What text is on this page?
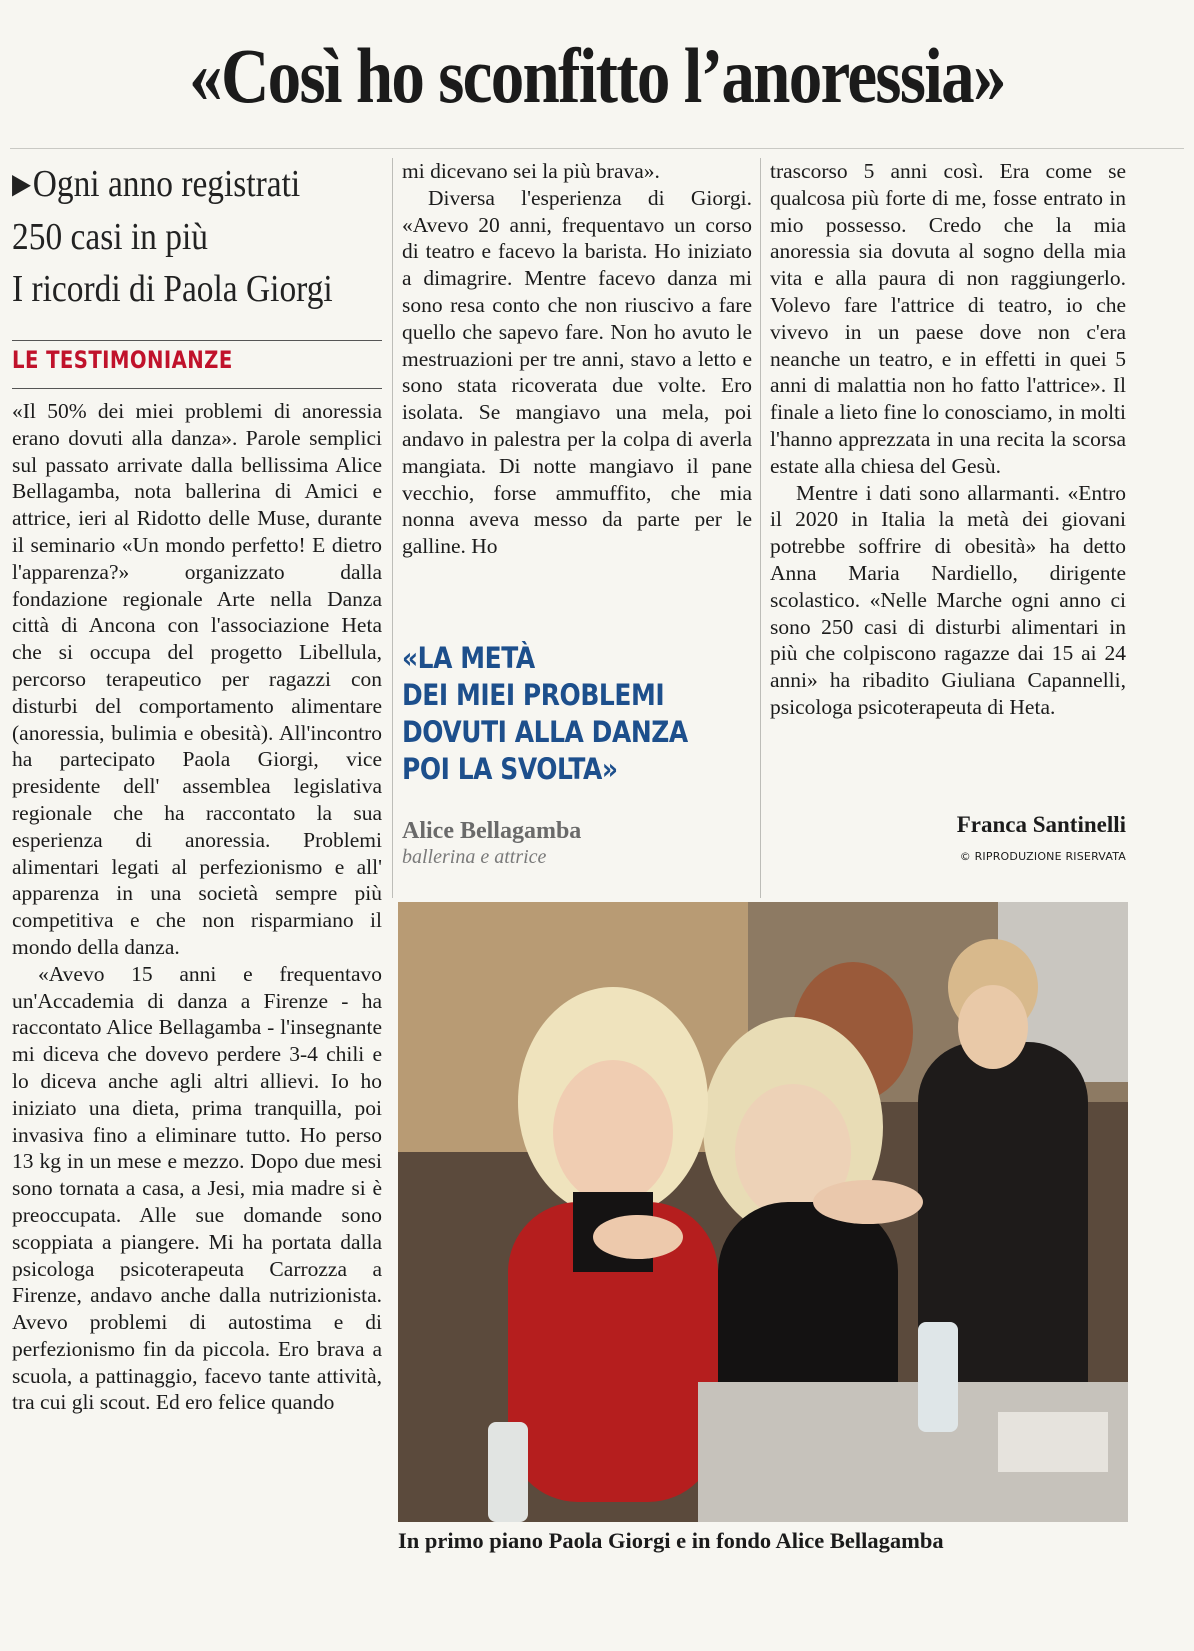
«Così ho sconfitto l’anoressia»
▶Ogni anno registrati
250 casi in più
I ricordi di Paola Giorgi
LE TESTIMONIANZE

«Il 50% dei miei problemi di anoressia erano dovuti alla danza». Parole semplici sul passato arrivate dalla bellissima Alice Bellagamba, nota ballerina di Amici e attrice, ieri al Ridotto delle Muse, durante il seminario «Un mondo perfetto! E dietro l'apparenza?» organizzato dalla fondazione regionale Arte nella Danza città di Ancona con l'associazione Heta che si occupa del progetto Libellula, percorso terapeutico per ragazzi con disturbi del comportamento alimentare (anoressia, bulimia e obesità). All'incontro ha partecipato Paola Giorgi, vice presidente dell' assemblea legislativa regionale che ha raccontato la sua esperienza di anoressia. Problemi alimentari legati al perfezionismo e all' apparenza in una società sempre più competitiva e che non risparmiano il mondo della danza.

«Avevo 15 anni e frequentavo un'Accademia di danza a Firenze - ha raccontato Alice Bellagamba - l'insegnante mi diceva che dovevo perdere 3-4 chili e lo diceva anche agli altri allievi. Io ho iniziato una dieta, prima tranquilla, poi invasiva fino a eliminare tutto. Ho perso 13 kg in un mese e mezzo. Dopo due mesi sono tornata a casa, a Jesi, mia madre si è preoccupata. Alle sue domande sono scoppiata a piangere. Mi ha portata dalla psicologa psicoterapeuta Carrozza a Firenze, andavo anche dalla nutrizionista. Avevo problemi di autostima e di perfezionismo fin da piccola. Ero brava a scuola, a pattinaggio, facevo tante attività, tra cui gli scout. Ed ero felice quando

mi dicevano sei la più brava».

Diversa l'esperienza di Giorgi. «Avevo 20 anni, frequentavo un corso di teatro e facevo la barista. Ho iniziato a dimagrire. Mentre facevo danza mi sono resa conto che non riuscivo a fare quello che sapevo fare. Non ho avuto le mestruazioni per tre anni, stavo a letto e sono stata ricoverata due volte. Ero isolata. Se mangiavo una mela, poi andavo in palestra per la colpa di averla mangiata. Di notte mangiavo il pane vecchio, forse ammuffito, che mia nonna aveva messo da parte per le galline. Ho

trascorso 5 anni così. Era come se qualcosa più forte di me, fosse entrato in mio possesso. Credo che la mia anoressia sia dovuta al sogno della mia vita e alla paura di non raggiungerlo. Volevo fare l'attrice di teatro, io che vivevo in un paese dove non c'era neanche un teatro, e in effetti in quei 5 anni di malattia non ho fatto l'attrice». Il finale a lieto fine lo conosciamo, in molti l'hanno apprezzata in una recita la scorsa estate alla chiesa del Gesù.

Mentre i dati sono allarmanti. «Entro il 2020 in Italia la metà dei giovani potrebbe soffrire di obesità» ha detto Anna Maria Nardiello, dirigente scolastico. «Nelle Marche ogni anno ci sono 250 casi di disturbi alimentari in più che colpiscono ragazze dai 15 ai 24 anni» ha ribadito Giuliana Capannelli, psicologa psicoterapeuta di Heta.

«LA METÀ
DEI MIEI PROBLEMI
DOVUTI ALLA DANZA
POI LA SVOLTA»
Alice Bellagamba
ballerina e attrice
Franca Santinelli
© RIPRODUZIONE RISERVATA
In primo piano Paola Giorgi e in fondo Alice Bellagamba
